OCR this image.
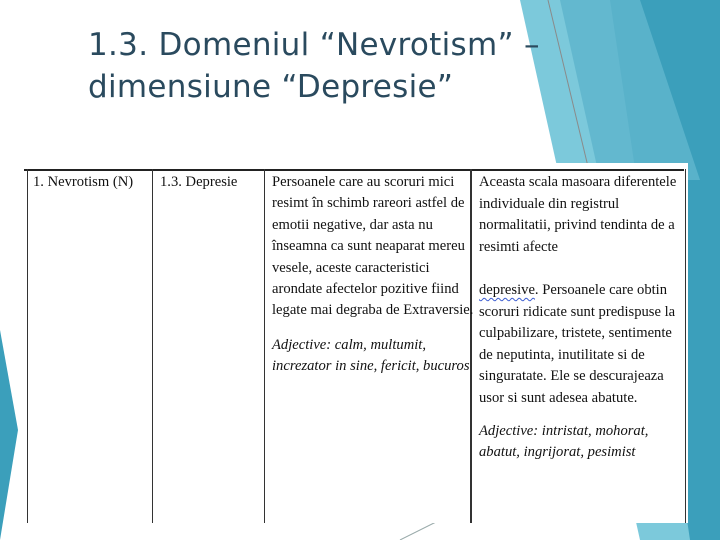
1.3. Domeniul “Nevrotism” –
dimensiune “Depresie”

1. Nevrotism (N)	1.3. Depresie	Persoanele care au scoruri mici resimt în schimb rareori astfel de emotii negative, dar asta nu înseamna ca sunt neaparat mereu vesele, aceste caracteristici arondate afectelor pozitive fiind legate mai degraba de Extraversie.

Adjective: calm, multumit, increzator in sine, fericit, bucuros

Aceasta scala masoara diferentele individuale din registrul normalitatii, privind tendinta de a resimti afecte
depresive. Persoanele care obtin scoruri ridicate sunt predispuse la culpabilizare, tristete, sentimente de neputinta, inutilitate si de singuratate. Ele se descurajeaza usor si sunt adesea abatute.

Adjective: intristat, mohorat, abatut, ingrijorat, pesimist
